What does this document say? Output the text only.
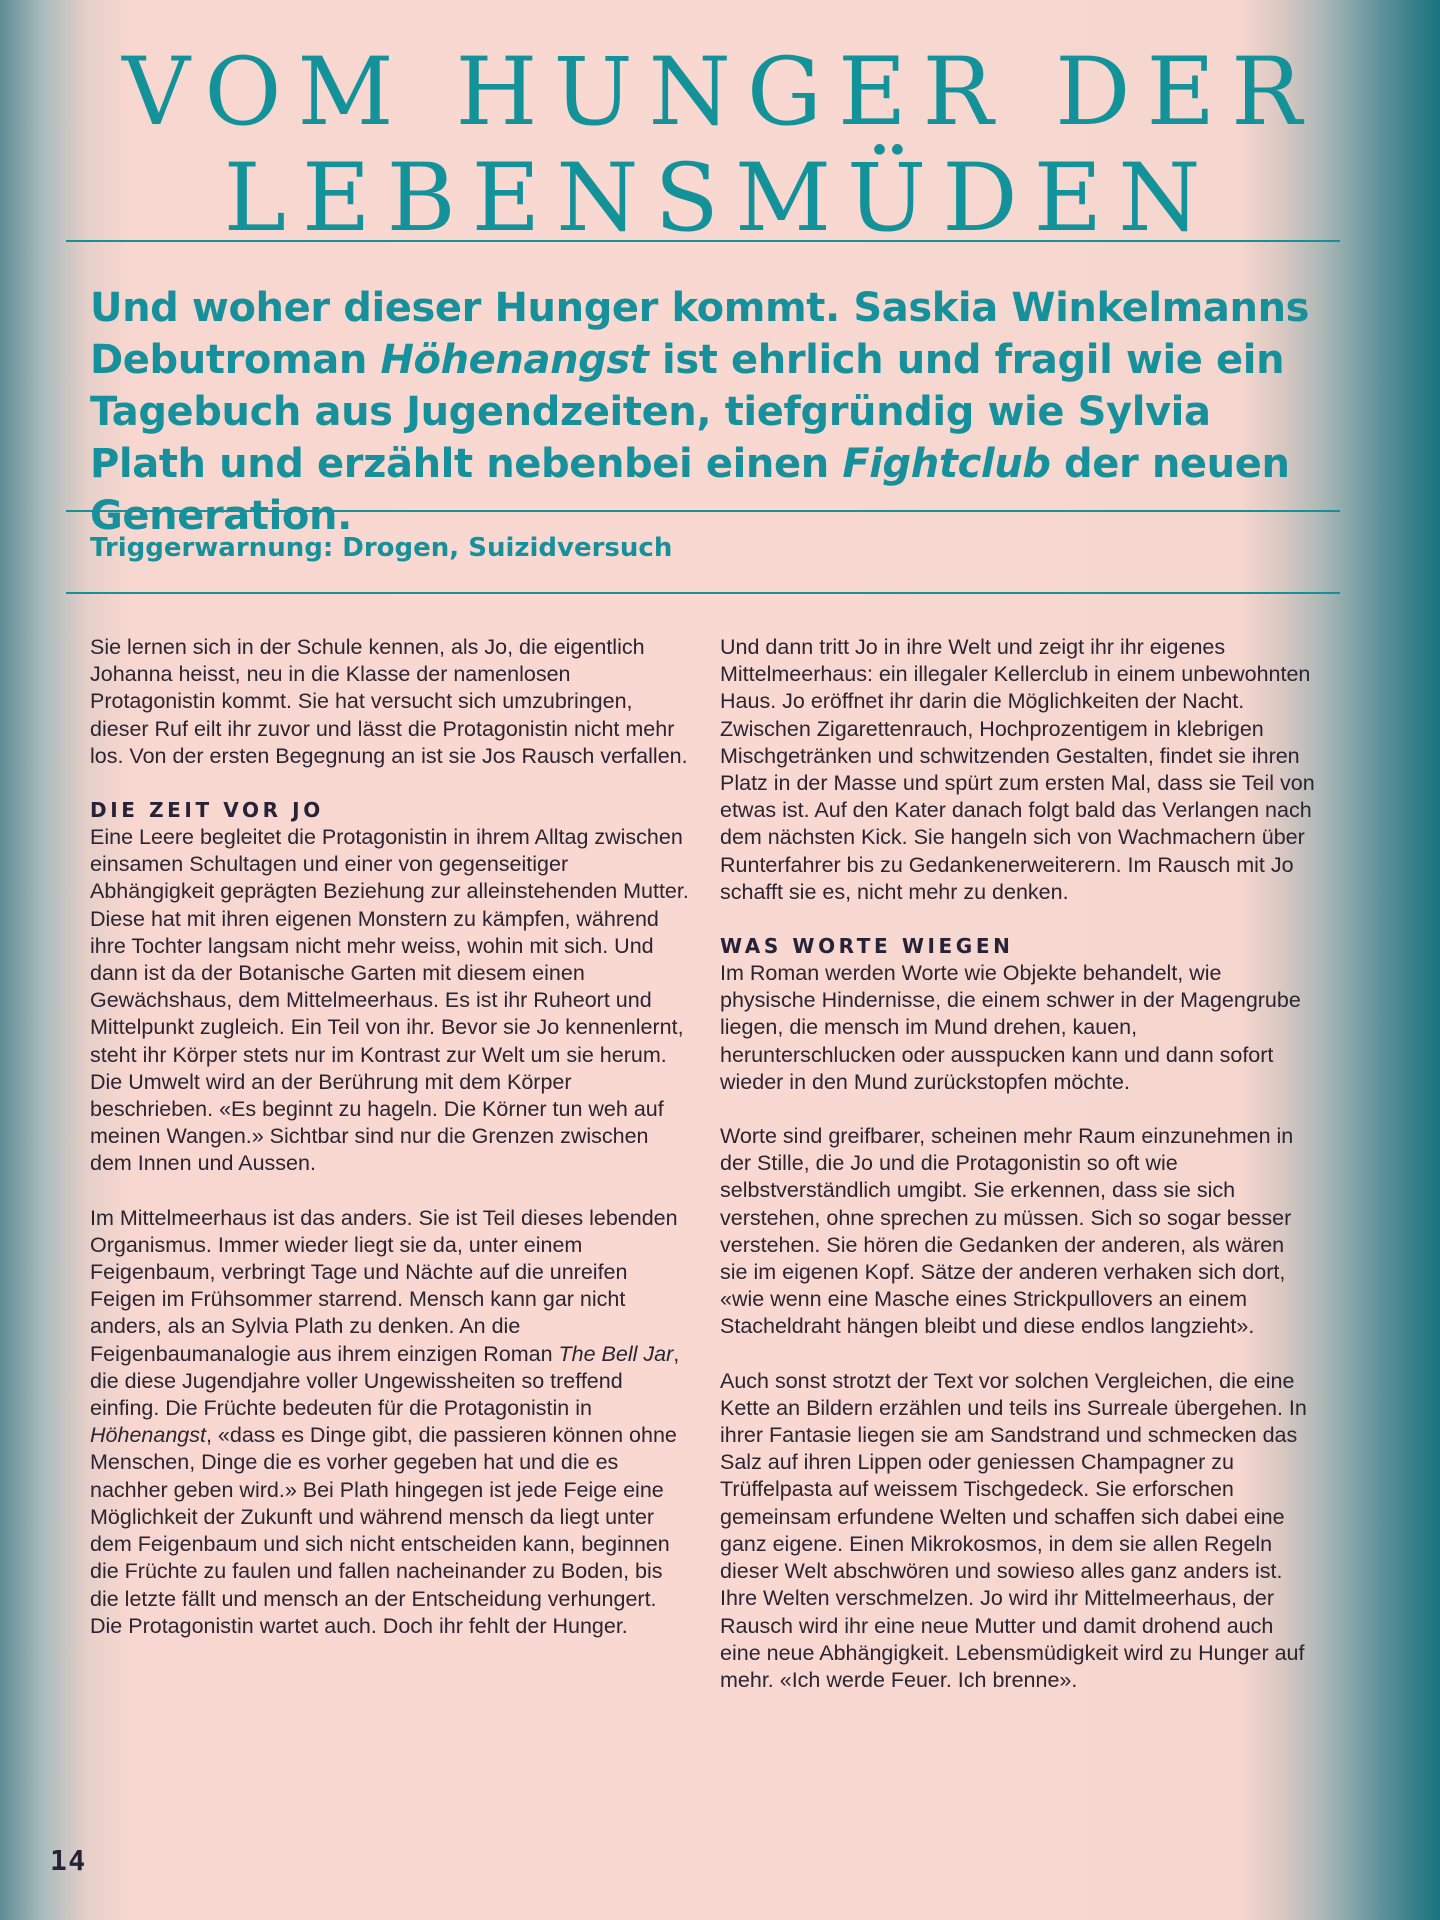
VOM HUNGER DER
LEBENSMÜDEN

Und woher dieser Hunger kommt. Saskia Winkelmanns Debutroman Höhenangst ist ehrlich und fragil wie ein Tagebuch aus Jugendzeiten, tiefgründig wie Sylvia Plath und erzählt nebenbei einen Fightclub der neuen Generation.

Triggerwarnung: Drogen, Suizidversuch

Sie lernen sich in der Schule kennen, als Jo, die eigentlich Johanna heisst, neu in die Klasse der namenlosen Protagonistin kommt. Sie hat versucht sich umzubringen, dieser Ruf eilt ihr zuvor und lässt die Protagonistin nicht mehr los. Von der ersten Begegnung an ist sie Jos Rausch verfallen.

DIE ZEIT VOR JO

Eine Leere begleitet die Protagonistin in ihrem Alltag zwischen einsamen Schultagen und einer von gegenseitiger Abhängigkeit geprägten Beziehung zur alleinstehenden Mutter. Diese hat mit ihren eigenen Monstern zu kämpfen, während ihre Tochter langsam nicht mehr weiss, wohin mit sich. Und dann ist da der Botanische Garten mit diesem einen Gewächshaus, dem Mittelmeerhaus. Es ist ihr Ruheort und Mittelpunkt zugleich. Ein Teil von ihr. Bevor sie Jo kennenlernt, steht ihr Körper stets nur im Kontrast zur Welt um sie herum. Die Umwelt wird an der Berührung mit dem Körper beschrieben. «Es beginnt zu hageln. Die Körner tun weh auf meinen Wangen.» Sichtbar sind nur die Grenzen zwischen dem Innen und Aussen.

Im Mittelmeerhaus ist das anders. Sie ist Teil dieses lebenden Organismus. Immer wieder liegt sie da, unter einem Feigenbaum, verbringt Tage und Nächte auf die unreifen Feigen im Frühsommer starrend. Mensch kann gar nicht anders, als an Sylvia Plath zu denken. An die Feigenbaumanalogie aus ihrem einzigen Roman The Bell Jar, die diese Jugendjahre voller Ungewissheiten so treffend einfing. Die Früchte bedeuten für die Protagonistin in Höhenangst, «dass es Dinge gibt, die passieren können ohne Menschen, Dinge die es vorher gegeben hat und die es nachher geben wird.» Bei Plath hingegen ist jede Feige eine Möglichkeit der Zukunft und während mensch da liegt unter dem Feigenbaum und sich nicht entscheiden kann, beginnen die Früchte zu faulen und fallen nacheinander zu Boden, bis die letzte fällt und mensch an der Entscheidung verhungert. Die Protagonistin wartet auch. Doch ihr fehlt der Hunger.

Und dann tritt Jo in ihre Welt und zeigt ihr ihr eigenes Mittelmeerhaus: ein illegaler Kellerclub in einem unbewohnten Haus. Jo eröffnet ihr darin die Möglichkeiten der Nacht. Zwischen Zigarettenrauch, Hochprozentigem in klebrigen Mischgetränken und schwitzenden Gestalten, findet sie ihren Platz in der Masse und spürt zum ersten Mal, dass sie Teil von etwas ist. Auf den Kater danach folgt bald das Verlangen nach dem nächsten Kick. Sie hangeln sich von Wachmachern über Runterfahrer bis zu Gedankenerweiterern. Im Rausch mit Jo schafft sie es, nicht mehr zu denken.

WAS WORTE WIEGEN

Im Roman werden Worte wie Objekte behandelt, wie physische Hindernisse, die einem schwer in der Magengrube liegen, die mensch im Mund drehen, kauen, herunterschlucken oder ausspucken kann und dann sofort wieder in den Mund zurückstopfen möchte.

Worte sind greifbarer, scheinen mehr Raum einzunehmen in der Stille, die Jo und die Protagonistin so oft wie selbstverständlich umgibt. Sie erkennen, dass sie sich verstehen, ohne sprechen zu müssen. Sich so sogar besser verstehen. Sie hören die Gedanken der anderen, als wären sie im eigenen Kopf. Sätze der anderen verhaken sich dort, «wie wenn eine Masche eines Strickpullovers an einem Stacheldraht hängen bleibt und diese endlos langzieht».

Auch sonst strotzt der Text vor solchen Vergleichen, die eine Kette an Bildern erzählen und teils ins Surreale übergehen. In ihrer Fantasie liegen sie am Sandstrand und schmecken das Salz auf ihren Lippen oder geniessen Champagner zu Trüffelpasta auf weissem Tischgedeck. Sie erforschen gemeinsam erfundene Welten und schaffen sich dabei eine ganz eigene. Einen Mikrokosmos, in dem sie allen Regeln dieser Welt abschwören und sowieso alles ganz anders ist. Ihre Welten verschmelzen. Jo wird ihr Mittelmeerhaus, der Rausch wird ihr eine neue Mutter und damit drohend auch eine neue Abhängigkeit. Lebensmüdigkeit wird zu Hunger auf mehr. «Ich werde Feuer. Ich brenne».

14
